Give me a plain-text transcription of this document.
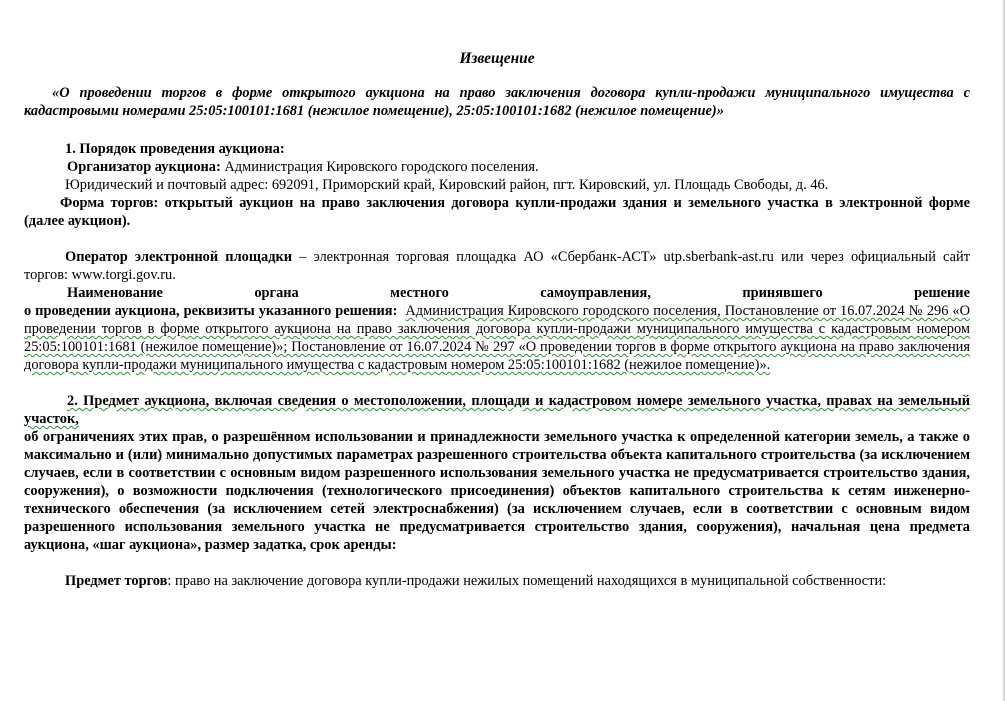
Извещение

«О проведении торгов в форме открытого аукциона на право заключения договора купли-продажи муниципального имущества с кадастровыми номерами 25:05:100101:1681 (нежилое помещение), 25:05:100101:1682 (нежилое помещение)»

1. Порядок проведения аукциона:

Организатор аукциона: Администрация Кировского городского поселения.

Юридический и почтовый адрес: 692091, Приморский край, Кировский район, пгт. Кировский, ул. Площадь Свободы, д. 46.

Форма торгов: открытый аукцион на право заключения договора купли-продажи здания и земельного участка в электронной форме (далее аукцион).

Оператор электронной площадки – электронная торговая площадка АО «Сбербанк-АСТ» utp.sberbank-ast.ru или через официальный сайт торгов: www.torgi.gov.ru.

Наименование органа местного самоуправления, принявшего решение

о проведении аукциона, реквизиты указанного решения: Администрация Кировского городского поселения, Постановление от 16.07.2024 № 296 «О проведении торгов в форме открытого аукциона на право заключения договора купли-продажи муниципального имущества с кадастровым номером 25:05:100101:1681 (нежилое помещение)»; Постановление от 16.07.2024 № 297 «О проведении торгов в форме открытого аукциона на право заключения договора купли-продажи муниципального имущества с кадастровым номером 25:05:100101:1682 (нежилое помещение)».

2. Предмет аукциона, включая сведения о местоположении, площади и кадастровом номере земельного участка, правах на земельный участок,

об ограничениях этих прав, о разрешённом использовании и принадлежности земельного участка к определенной категории земель, а также о максимально и (или) минимально допустимых параметрах разрешенного строительства объекта капитального строительства (за исключением случаев, если в соответствии с основным видом разрешенного использования земельного участка не предусматривается строительство здания, сооружения), о возможности подключения (технологического присоединения) объектов капитального строительства к сетям инженерно-технического обеспечения (за исключением сетей электроснабжения) (за исключением случаев, если в соответствии с основным видом разрешенного использования земельного участка не предусматривается строительство здания, сооружения), начальная цена предмета аукциона, «шаг аукциона», размер задатка, срок аренды:

Предмет торгов: право на заключение договора купли-продажи нежилых помещений находящихся в муниципальной собственности:
